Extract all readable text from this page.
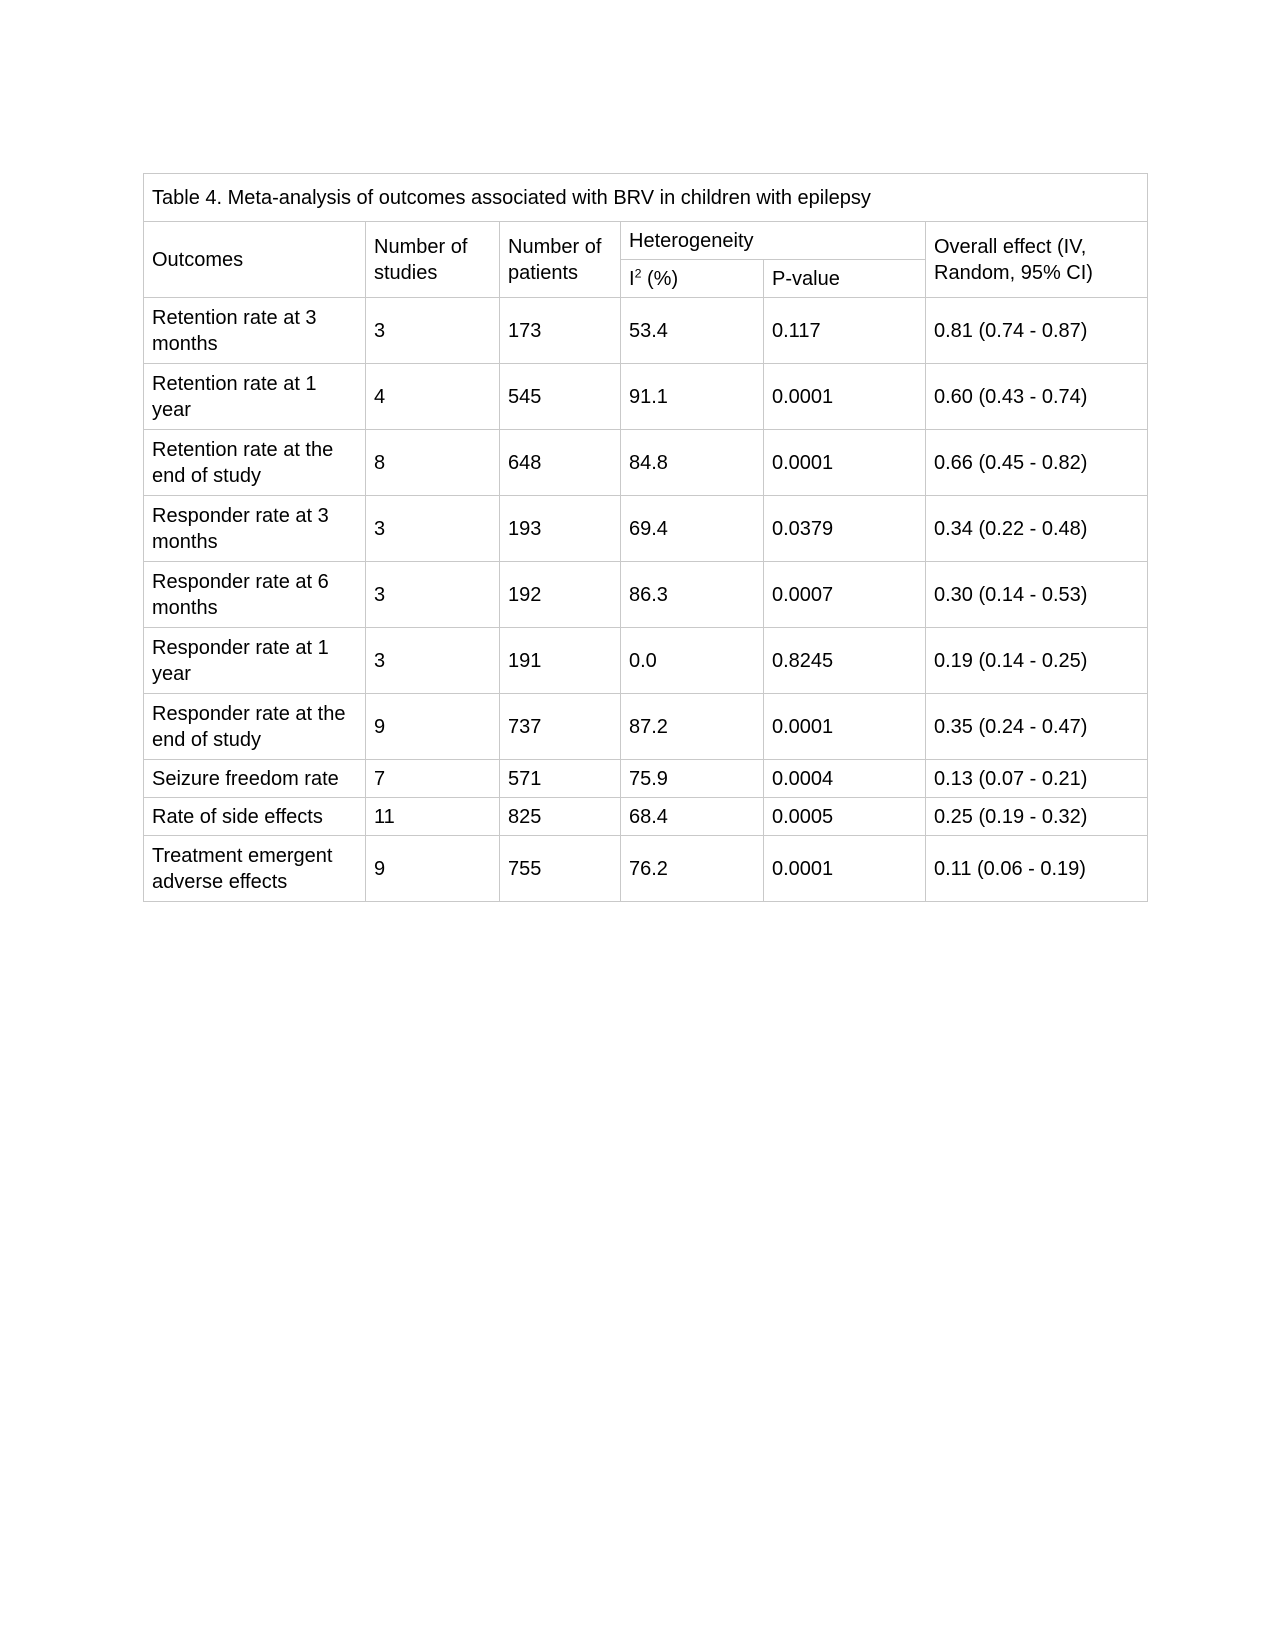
Table 4. Meta-analysis of outcomes associated with BRV in children with epilepsy					
Outcomes	Number of studies	Number of patients	Heterogeneity		Overall effect (IV, Random, 95% CI)
			$I^2$ (%)	P-value	
Retention rate at 3 months	3	173	53.4	0.117	0.81 (0.74 - 0.87)
Retention rate at 1 year	4	545	91.1	0.0001	0.60 (0.43 - 0.74)
Retention rate at the end of study	8	648	84.8	0.0001	0.66 (0.45 - 0.82)
Responder rate at 3 months	3	193	69.4	0.0379	0.34 (0.22 - 0.48)
Responder rate at 6 months	3	192	86.3	0.0007	0.30 (0.14 - 0.53)
Responder rate at 1 year	3	191	0.0	0.8245	0.19 (0.14 - 0.25)
Responder rate at the end of study	9	737	87.2	0.0001	0.35 (0.24 - 0.47)
Seizure freedom rate	7	571	75.9	0.0004	0.13 (0.07 - 0.21)
Rate of side effects	11	825	68.4	0.0005	0.25 (0.19 - 0.32)
Treatment emergent adverse effects	9	755	76.2	0.0001	0.11 (0.06 - 0.19)
